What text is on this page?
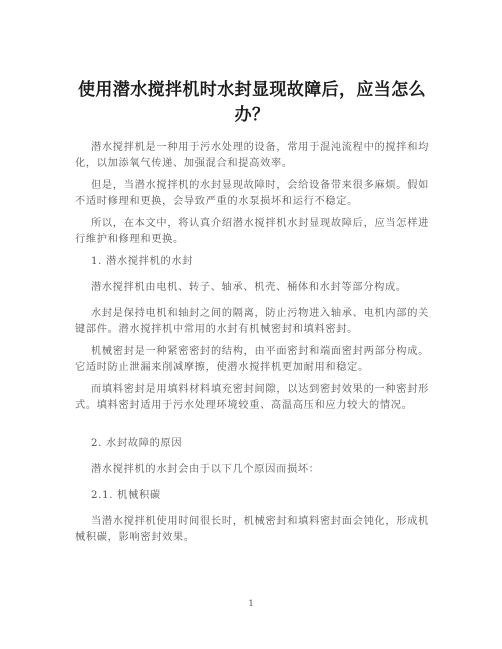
使用潜水搅拌机时水封显现故障后，应当怎么办？

潜水搅拌机是一种用于污水处理的设备，常用于混沌流程中的搅拌和均化，以加添氧气传递、加强混合和提高效率。

但是，当潜水搅拌机的水封显现故障时，会给设备带来很多麻烦。假如不适时修理和更换，会导致严重的水泵损坏和运行不稳定。

所以，在本文中，将认真介绍潜水搅拌机水封显现故障后，应当怎样进行维护和修理和更换。

1. 潜水搅拌机的水封

潜水搅拌机由电机、转子、轴承、机壳、桶体和水封等部分构成。

水封是保持电机和轴封之间的隔离，防止污物进入轴承、电机内部的关键部件。潜水搅拌机中常用的水封有机械密封和填料密封。

机械密封是一种紧密密封的结构，由平面密封和端面密封两部分构成。它适时防止泄漏来削减摩擦，使潜水搅拌机更加耐用和稳定。

而填料密封是用填料材料填充密封间隙，以达到密封效果的一种密封形式。填料密封适用于污水处理环境较重、高温高压和应力较大的情况。

2. 水封故障的原因

潜水搅拌机的水封会由于以下几个原因而损坏：

2.1. 机械积碳

当潜水搅拌机使用时间很长时，机械密封和填料密封面会钝化，形成机械积碳，影响密封效果。

1
